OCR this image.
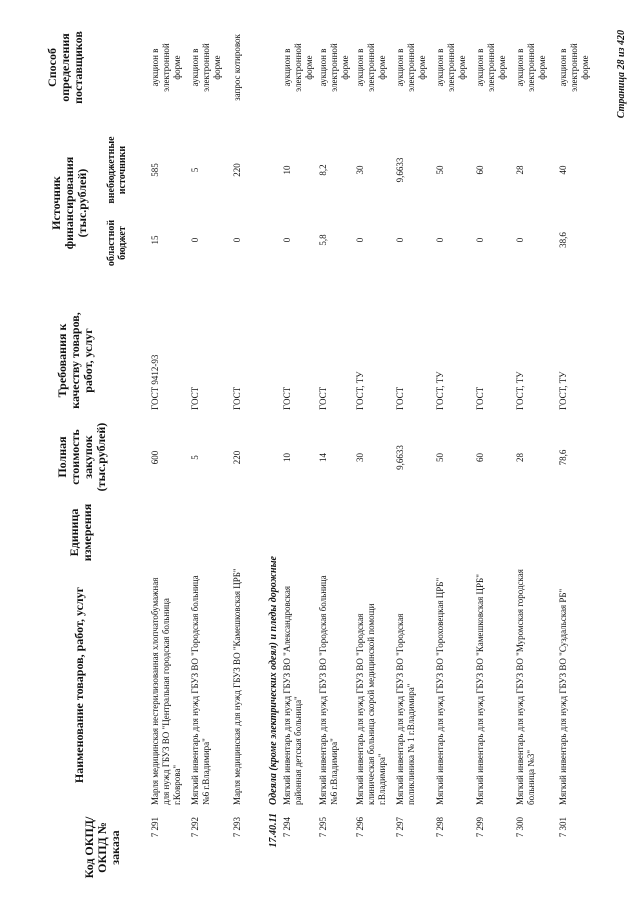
Код ОКПД/ ОКПД № заказа
Наименование товаров, работ, услуг
Единица измерения
Полная стоимость закупок (тыс.рублей)
Требования к качеству товаров, работ, услуг
Источник финансирования (тыс.рублей)
областной бюджет
внебюджетные источники
Способ определения поставщиков
7 291
Марля медицинская нестерилизованная хлопчатобумажная для нужд ГБУЗ ВО "Центральная городская больница г.Коврова"
600
ГОСТ 9412-93
15
585
аукцион в электронной форме
7 292
Мягкий инвентарь для нужд ГБУЗ ВО "Городская больница №6 г.Владимира"
5
ГОСТ
0
5
аукцион в электронной форме
7 293
Марля медицинская для нужд ГБУЗ ВО "Камешковская ЦРБ"
220
ГОСТ
0
220
запрос котировок
17.40.11Одеяла (кроме электрических одеял) и пледы дорожные
7 294
Мягкий инвентарь для нужд ГБУЗ ВО "Александровская районная детская больница"
10
ГОСТ
0
10
аукцион в электронной форме
7 295
Мягкий инвентарь для нужд ГБУЗ ВО "Городская больница №6 г.Владимира"
14
ГОСТ
5,8
8,2
аукцион в электронной форме
7 296
Мягкий инвентарь для нужд ГБУЗ ВО "Городская клиническая больница скорой медицинской помощи г.Владимира"
30
ГОСТ, ТУ
0
30
аукцион в электронной форме
7 297
Мягкий инвентарь для нужд ГБУЗ ВО "Городская поликлиника № 1 г.Владимира"
9,6633
ГОСТ
0
9,6633
аукцион в электронной форме
7 298
Мягкий инвентарь для нужд ГБУЗ ВО "Гороховецкая ЦРБ"
50
ГОСТ, ТУ
0
50
аукцион в электронной форме
7 299
Мягкий инвентарь для нужд ГБУЗ ВО "Камешковская ЦРБ"
60
ГОСТ
0
60
аукцион в электронной форме
7 300
Мягкий инвентарь для нужд ГБУЗ ВО "Муромская городская больница №3"
28
ГОСТ, ТУ
0
28
аукцион в электронной форме
7 301
Мягкий инвентарь для нужд ГБУЗ ВО "Суздальская РБ"
78,6
ГОСТ, ТУ
38,6
40
аукцион в электронной форме	Страница 28 из 420
